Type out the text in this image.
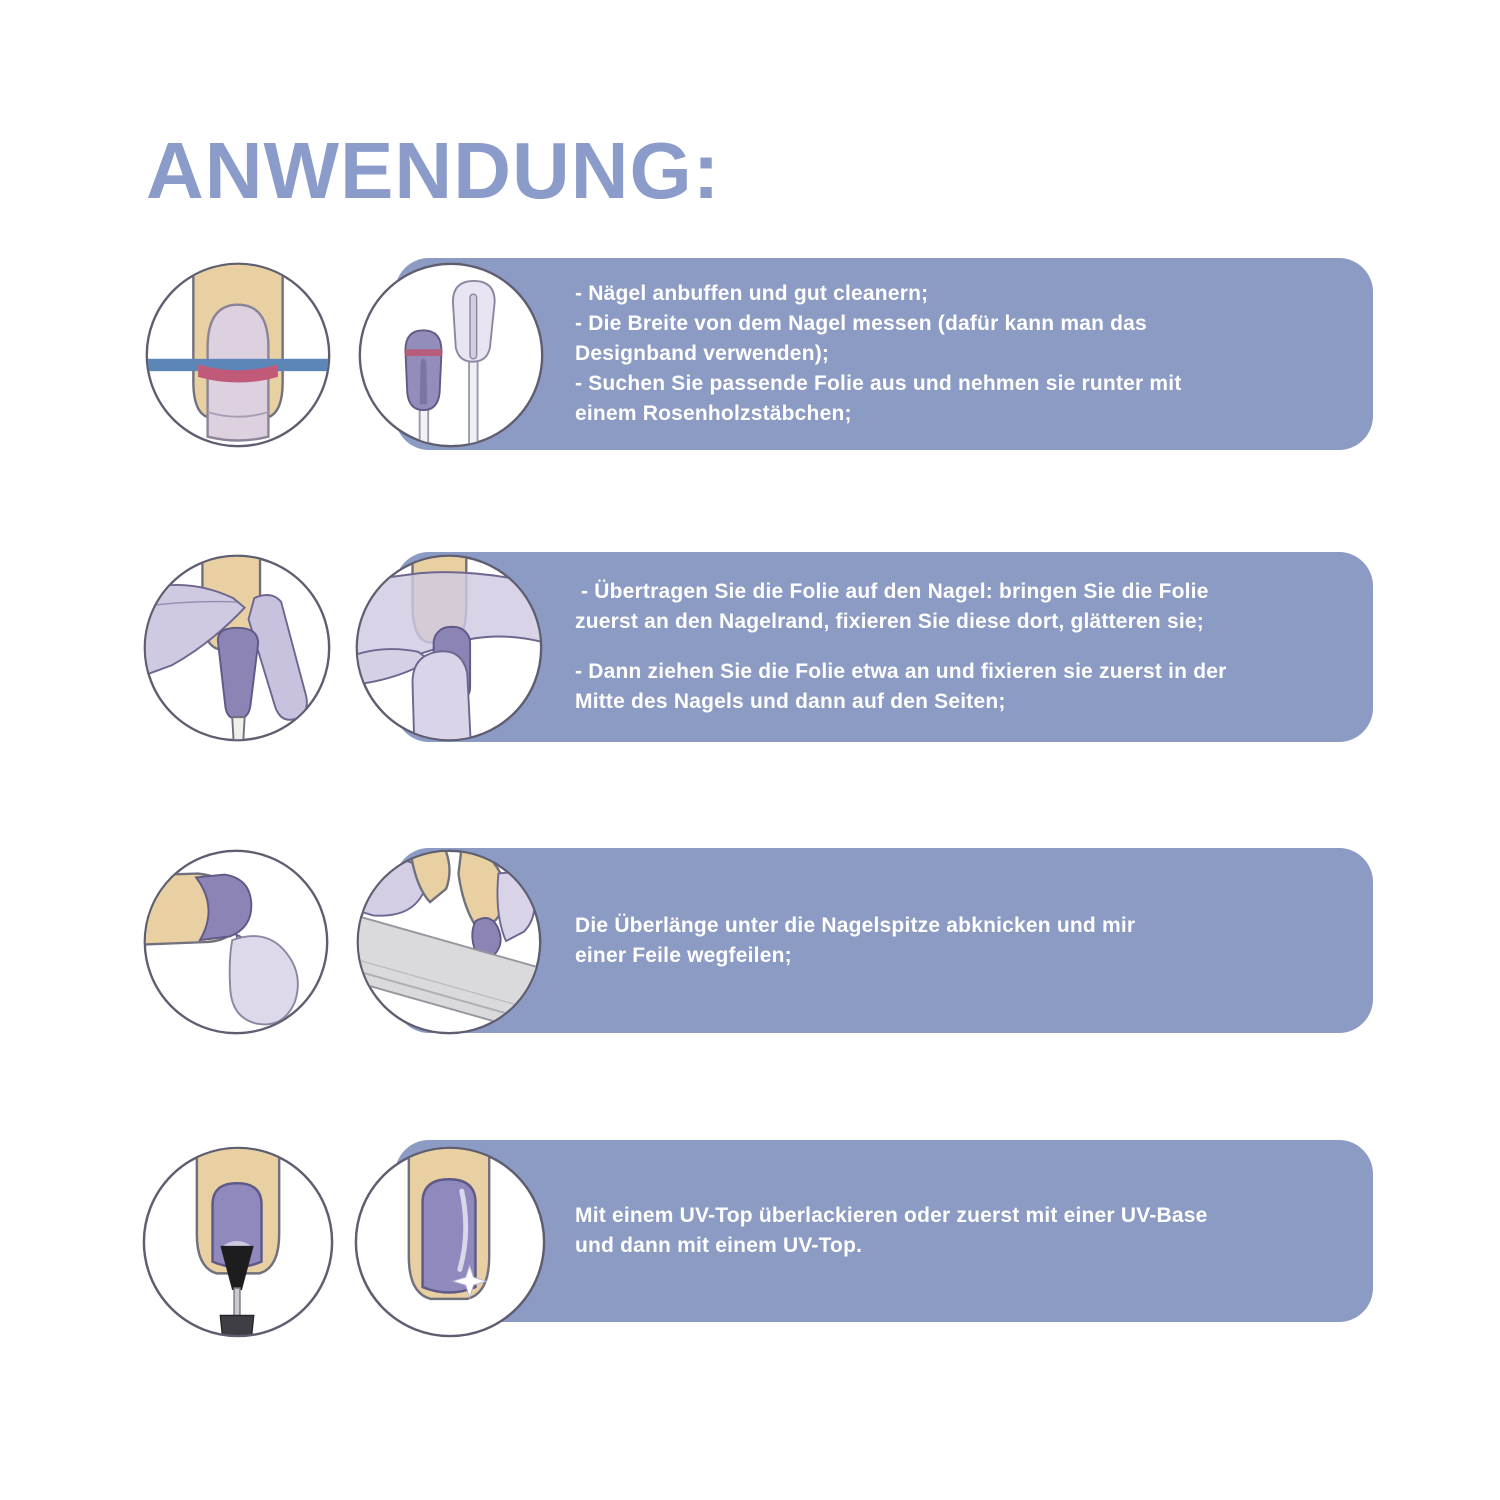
ANWENDUNG:
- Nägel anbuffen und gut cleanern;
- Die Breite von dem Nagel messen (dafür kann man das
Designband verwenden);
- Suchen Sie passende Folie aus und nehmen sie runter mit
einem Rosenholzstäbchen;
- Übertragen Sie die Folie auf den Nagel: bringen Sie die Folie
zuerst an den Nagelrand, fixieren Sie diese dort, glätteren sie;
- Dann ziehen Sie die Folie etwa an und fixieren sie zuerst in der
Mitte des Nagels und dann auf den Seiten;
Die Überlänge unter die Nagelspitze abknicken und mir
einer Feile wegfeilen;
Mit einem UV-Top überlackieren oder zuerst mit einer UV-Base
und dann mit einem UV-Top.
